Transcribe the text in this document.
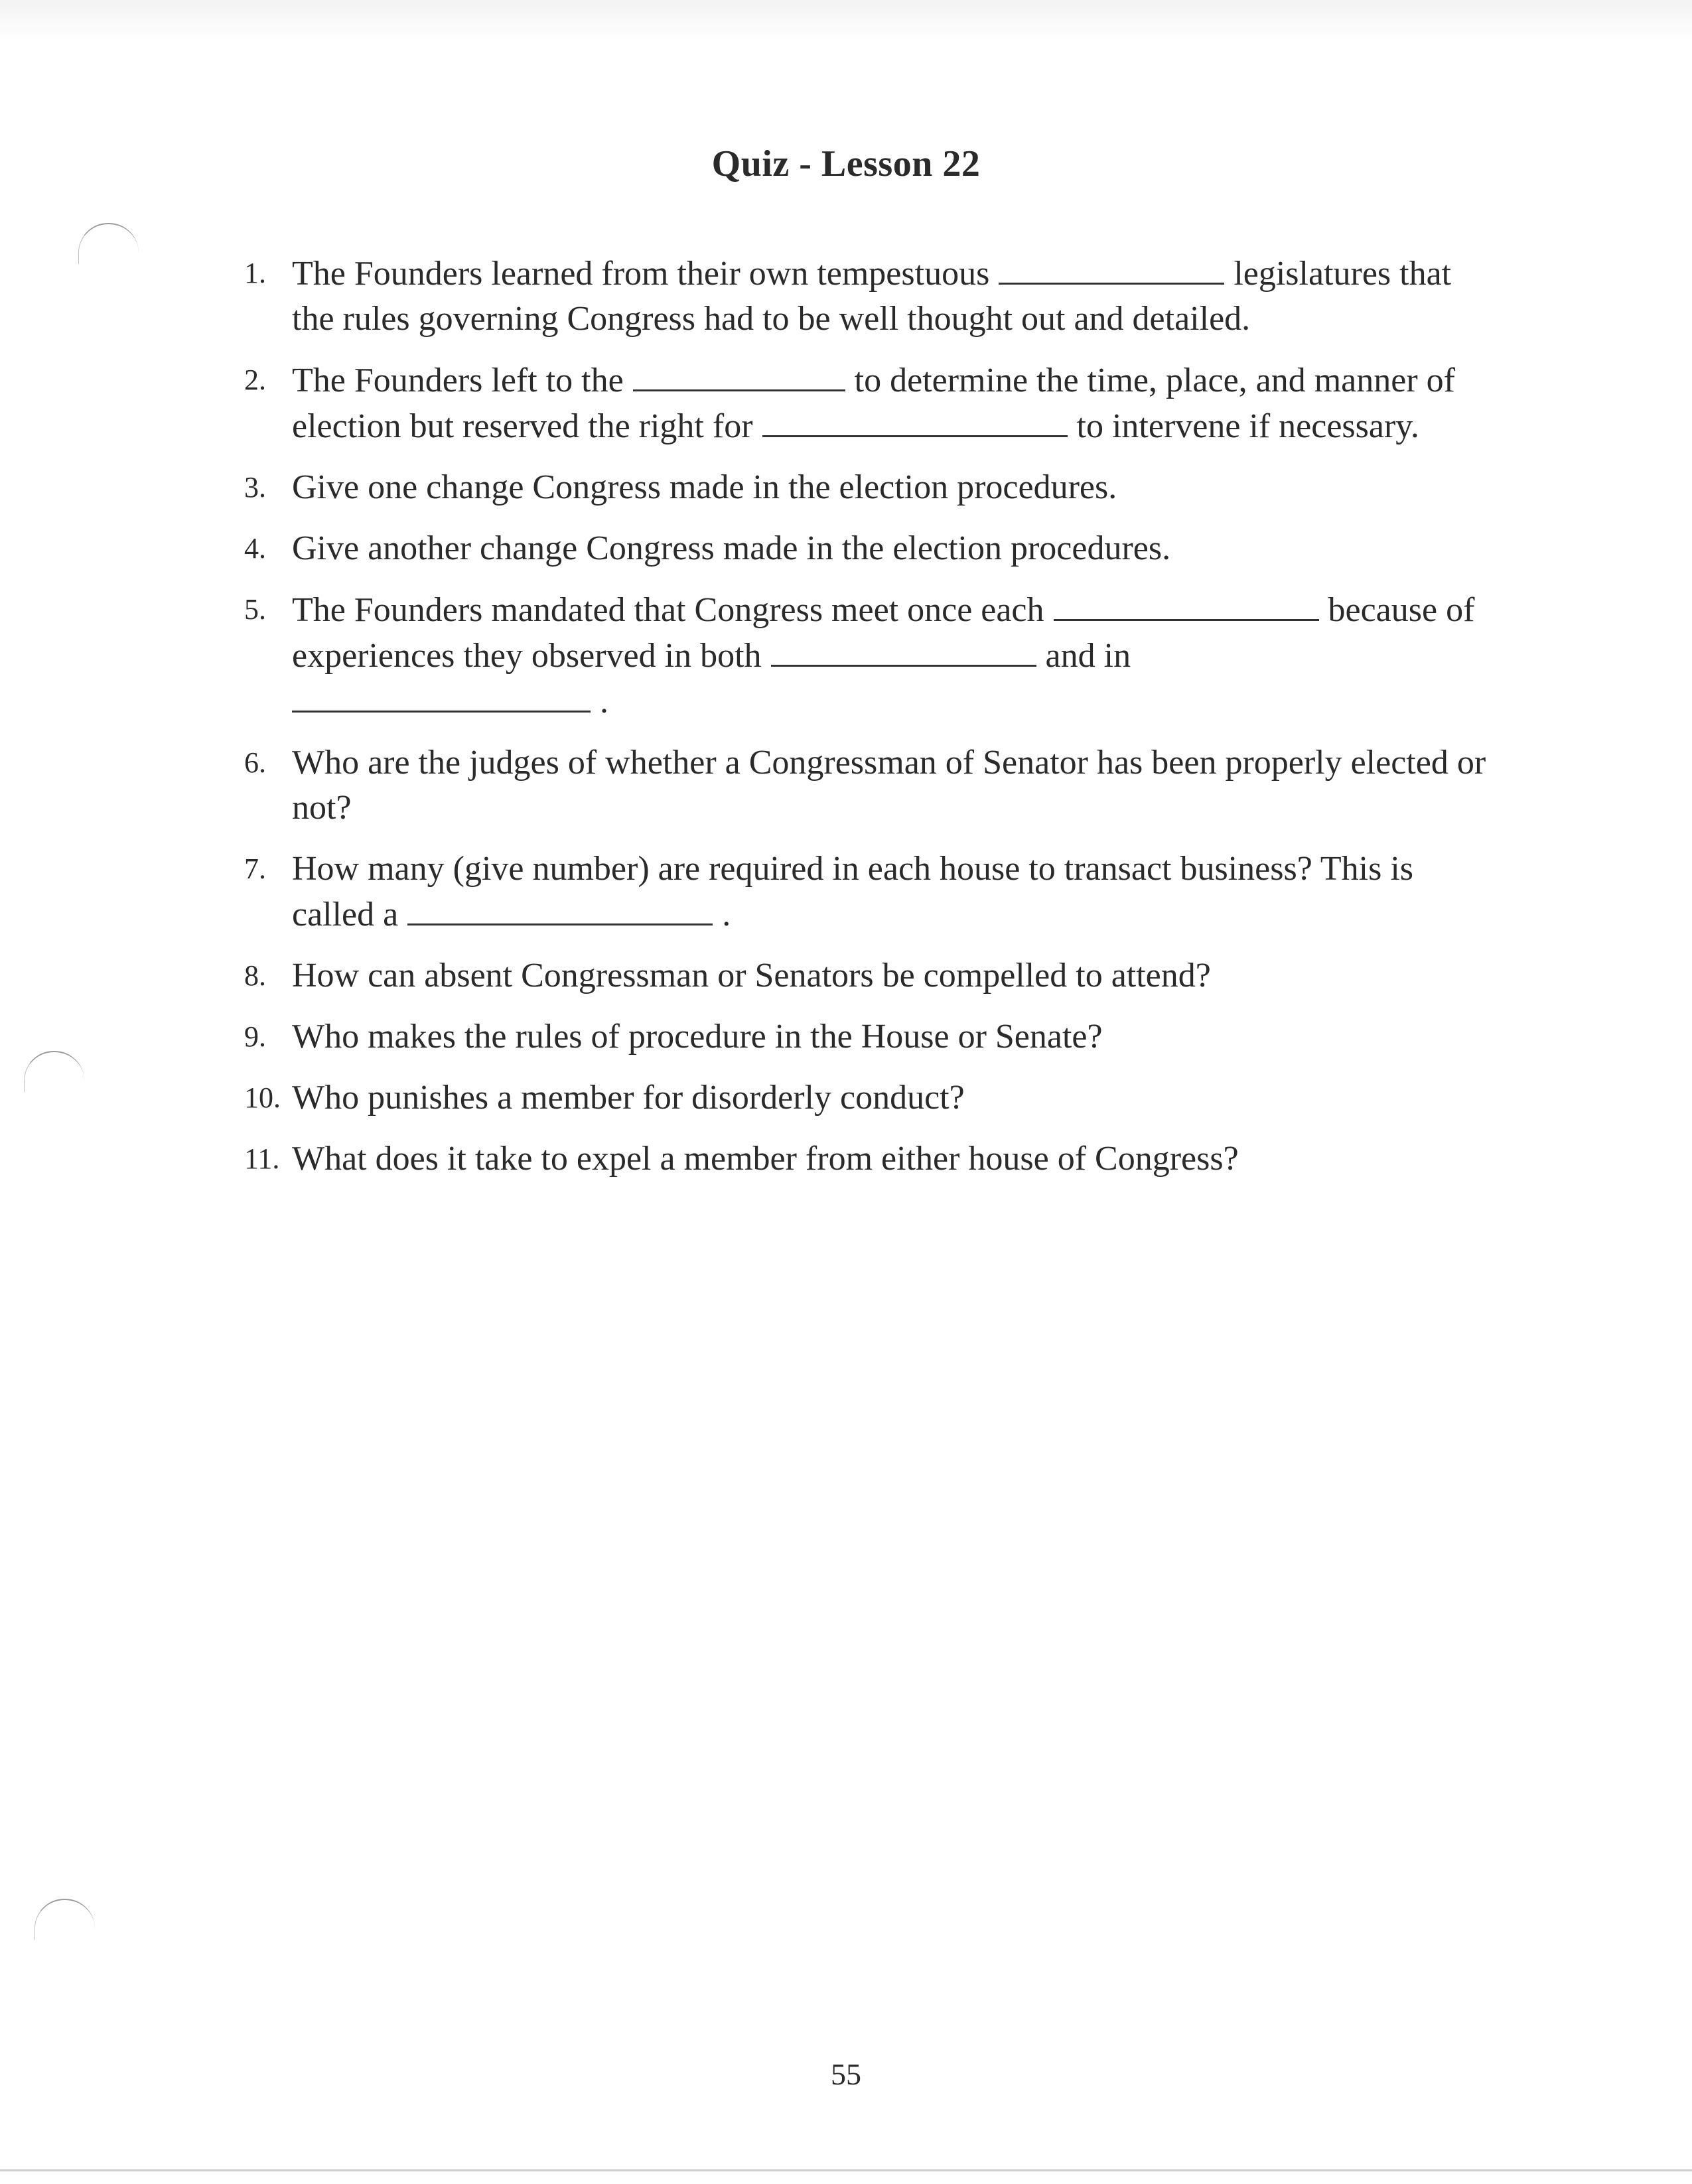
Quiz - Lesson 22
1. The Founders learned from their own tempestuous	legislatures that the rules governing Congress had to be well thought out and detailed.
2. The Founders left to the	to determine the time, place, and manner of election but reserved the right for	to intervene if necessary.
3. Give one change Congress made in the election procedures.
4. Give another change Congress made in the election procedures.
5. The Founders mandated that Congress meet once each	because of experiences they observed in both	and in
.
6. Who are the judges of whether a Congressman of Senator has been properly elected or not?
7. How many (give number) are required in each house to transact business? This is called a	.
8. How can absent Congressman or Senators be compelled to attend?
9. Who makes the rules of procedure in the House or Senate?
10. Who punishes a member for disorderly conduct?
11. What does it take to expel a member from either house of Congress?
55
